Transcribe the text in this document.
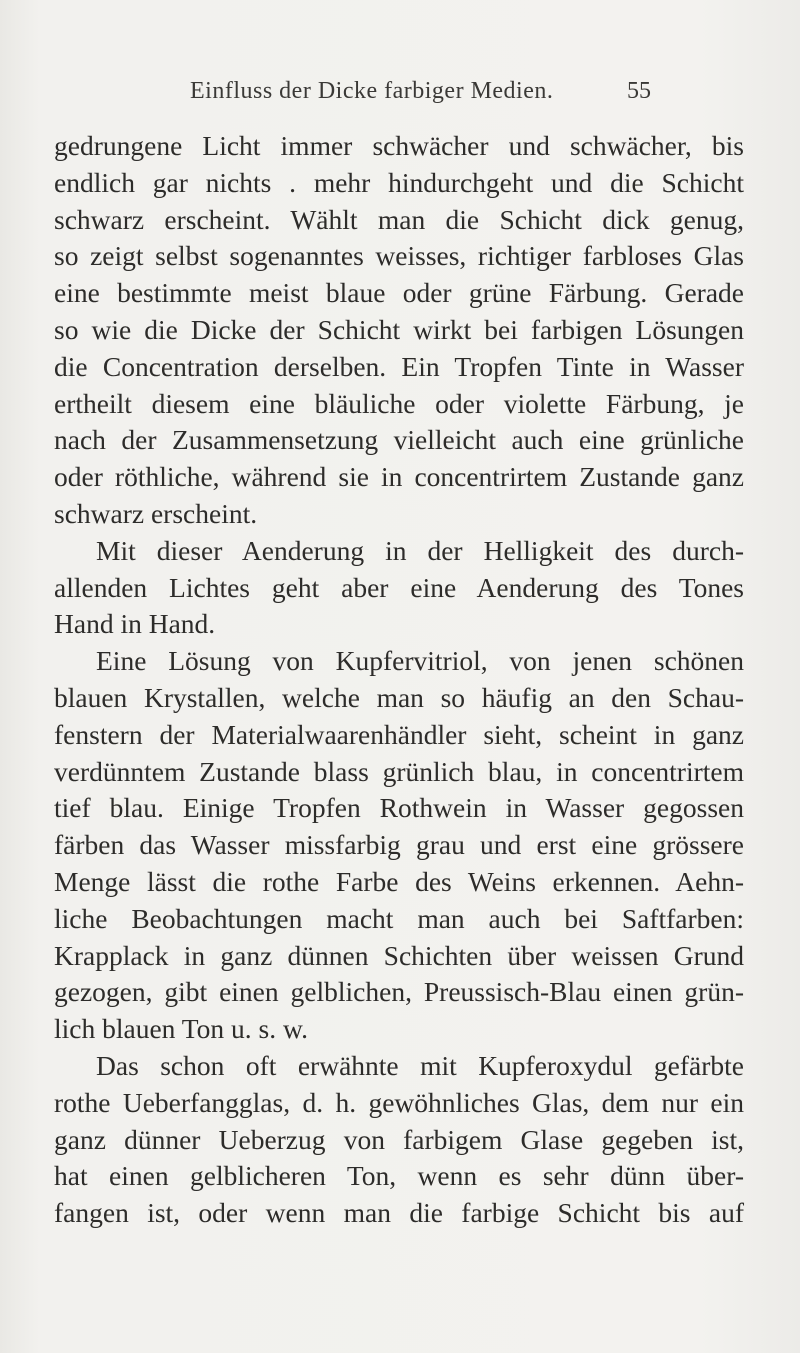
Einfluss der Dicke farbiger Medien.	55
gedrungene Licht immer schwächer und schwächer, bis
endlich gar nichts . mehr hindurchgeht und die Schicht
schwarz erscheint. Wählt man die Schicht dick genug,
so zeigt selbst sogenanntes weisses, richtiger farbloses Glas
eine bestimmte meist blaue oder grüne Färbung. Gerade
so wie die Dicke der Schicht wirkt bei farbigen Lösungen
die Concentration derselben. Ein Tropfen Tinte in Wasser
ertheilt diesem eine bläuliche oder violette Färbung, je
nach der Zusammensetzung vielleicht auch eine grünliche
oder röthliche, während sie in concentrirtem Zustande ganz
schwarz erscheint.
Mit dieser Aenderung in der Helligkeit des durch-
allenden Lichtes geht aber eine Aenderung des Tones
Hand in Hand.
Eine Lösung von Kupfervitriol, von jenen schönen
blauen Krystallen, welche man so häufig an den Schau-
fenstern der Materialwaarenhändler sieht, scheint in ganz
verdünntem Zustande blass grünlich blau, in concentrirtem
tief blau. Einige Tropfen Rothwein in Wasser gegossen
färben das Wasser missfarbig grau und erst eine grössere
Menge lässt die rothe Farbe des Weins erkennen. Aehn-
liche Beobachtungen macht man auch bei Saftfarben:
Krapplack in ganz dünnen Schichten über weissen Grund
gezogen, gibt einen gelblichen, Preussisch-Blau einen grün-
lich blauen Ton u. s. w.
Das schon oft erwähnte mit Kupferoxydul gefärbte
rothe Ueberfangglas, d. h. gewöhnliches Glas, dem nur ein
ganz dünner Ueberzug von farbigem Glase gegeben ist,
hat einen gelblicheren Ton, wenn es sehr dünn über-
fangen ist, oder wenn man die farbige Schicht bis auf
